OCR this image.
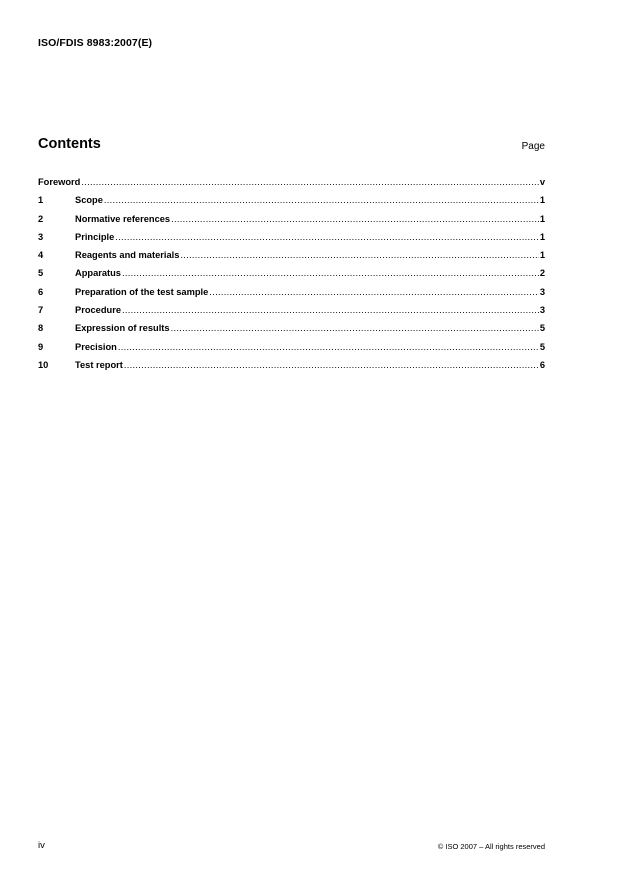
ISO/FDIS 8983:2007(E)
Contents	Page
Foreword .....	v
1	Scope .....	1
2	Normative references .....	1
3	Principle .....	1
4	Reagents and materials .....	1
5	Apparatus .....	2
6	Preparation of the test sample .....	3
7	Procedure .....	3
8	Expression of results .....	5
9	Precision .....	5
10	Test report .....	6
iv	© ISO 2007 – All rights reserved
